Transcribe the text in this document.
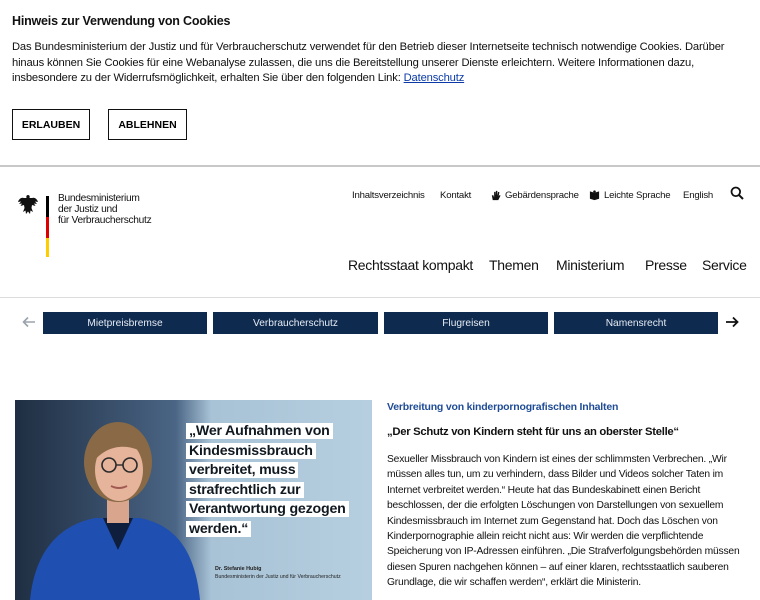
Hinweis zur Verwendung von Cookies
Das Bundesministerium der Justiz und für Verbraucherschutz verwendet für den Betrieb dieser Internetseite technisch notwendige Cookies. Darüber hinaus können Sie Cookies für eine Webanalyse zulassen, die uns die Bereitstellung unserer Dienste erleichtern. Weitere Informationen dazu, insbesondere zu der Widerrufsmöglichkeit, erhalten Sie über den folgenden Link: Datenschutz
ERLAUBEN	ABLEHNEN
Bundesministerium
der Justiz und
für Verbraucherschutz
Inhaltsverzeichnis Kontakt	Gebärdensprache	Leichte Sprache English
Rechtsstaat kompakt Themen Ministerium Presse Service
Mietpreisbremse	Verbraucherschutz	Flugreisen	Namensrecht
„Wer Aufnahmen von Kindesmissbrauch verbreitet, muss strafrechtlich zur Verantwortung gezogen werden.“
Dr. Stefanie Hubig
Bundesministerin der Justiz und für Verbraucherschutz
Verbreitung von kinderpornografischen Inhalten
„Der Schutz von Kindern steht für uns an oberster Stelle“
Sexueller Missbrauch von Kindern ist eines der schlimmsten Verbrechen. „Wir müssen alles tun, um zu verhindern, dass Bilder und Videos solcher Taten im Internet verbreitet werden.“ Heute hat das Bundeskabinett einen Bericht beschlossen, der die erfolgten Löschungen von Darstellungen von sexuellem Kindesmissbrauch im Internet zum Gegenstand hat. Doch das Löschen von Kinderpornographie allein reicht nicht aus: Wir werden die verpflichtende Speicherung von IP-Adressen einführen. „Die Strafverfolgungsbehörden müssen diesen Spuren nachgehen können – auf einer klaren, rechtsstaatlich sauberen Grundlage, die wir schaffen werden“, erklärt die Ministerin.
